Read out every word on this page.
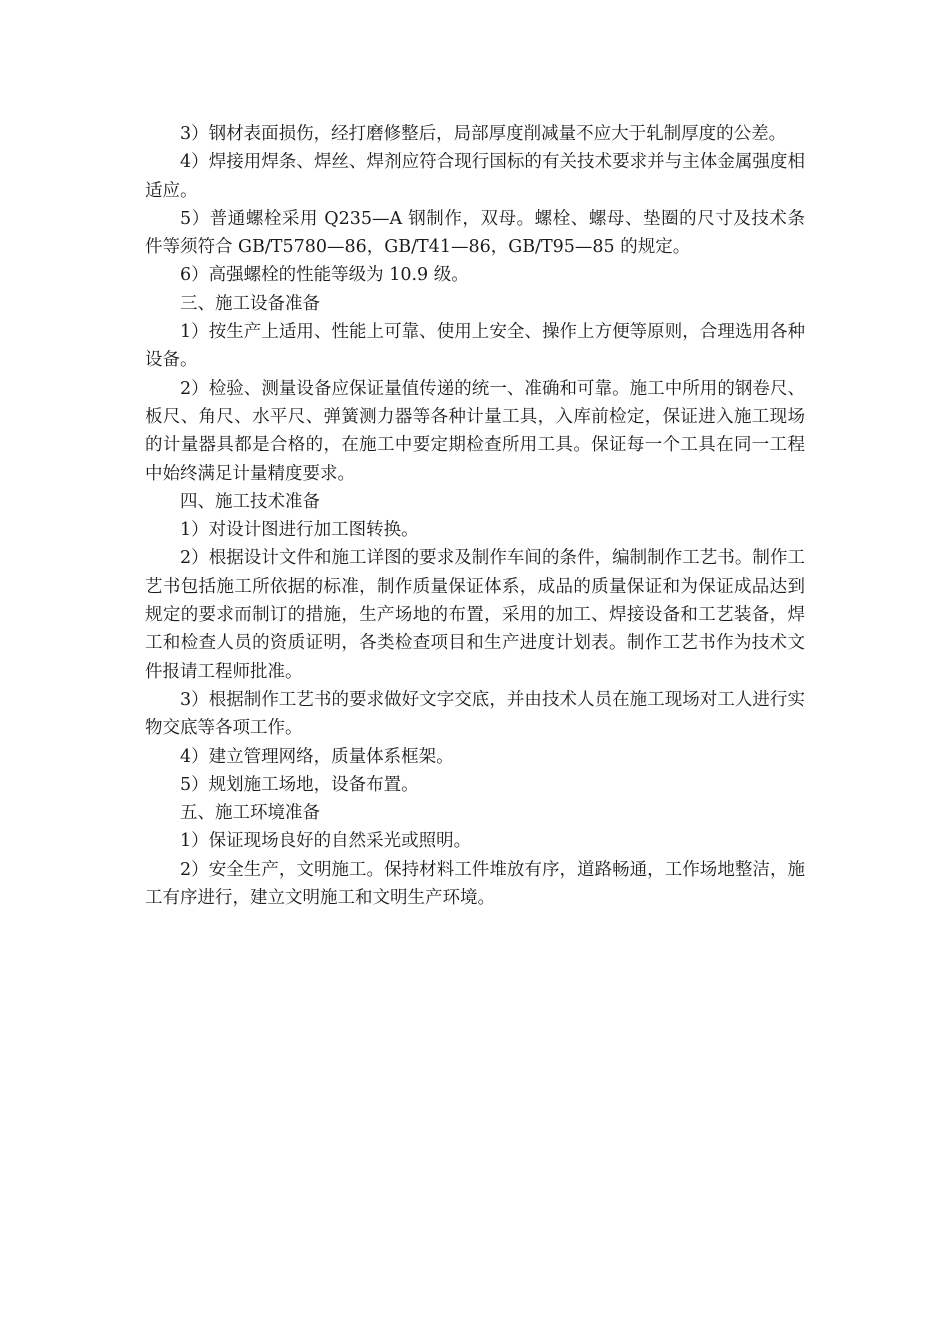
3）钢材表面损伤，经打磨修整后，局部厚度削减量不应大于轧制厚度的公差。

4）焊接用焊条、焊丝、焊剂应符合现行国标的有关技术要求并与主体金属强度相适应。

5）普通螺栓采用 Q235—A 钢制作，双母。螺栓、螺母、垫圈的尺寸及技术条件等须符合 GB/T5780—86，GB/T41—86，GB/T95—85 的规定。

6）高强螺栓的性能等级为 10.9 级。

三、施工设备准备

1）按生产上适用、性能上可靠、使用上安全、操作上方便等原则，合理选用各种设备。

2）检验、测量设备应保证量值传递的统一、准确和可靠。施工中所用的钢卷尺、板尺、角尺、水平尺、弹簧测力器等各种计量工具，入库前检定，保证进入施工现场的计量器具都是合格的，在施工中要定期检查所用工具。保证每一个工具在同一工程中始终满足计量精度要求。

四、施工技术准备

1）对设计图进行加工图转换。

2）根据设计文件和施工详图的要求及制作车间的条件，编制制作工艺书。制作工艺书包括施工所依据的标准，制作质量保证体系，成品的质量保证和为保证成品达到规定的要求而制订的措施，生产场地的布置，采用的加工、焊接设备和工艺装备，焊工和检查人员的资质证明，各类检查项目和生产进度计划表。制作工艺书作为技术文件报请工程师批准。

3）根据制作工艺书的要求做好文字交底，并由技术人员在施工现场对工人进行实物交底等各项工作。

4）建立管理网络，质量体系框架。

5）规划施工场地，设备布置。

五、施工环境准备

1）保证现场良好的自然采光或照明。

2）安全生产，文明施工。保持材料工件堆放有序，道路畅通，工作场地整洁，施工有序进行，建立文明施工和文明生产环境。
